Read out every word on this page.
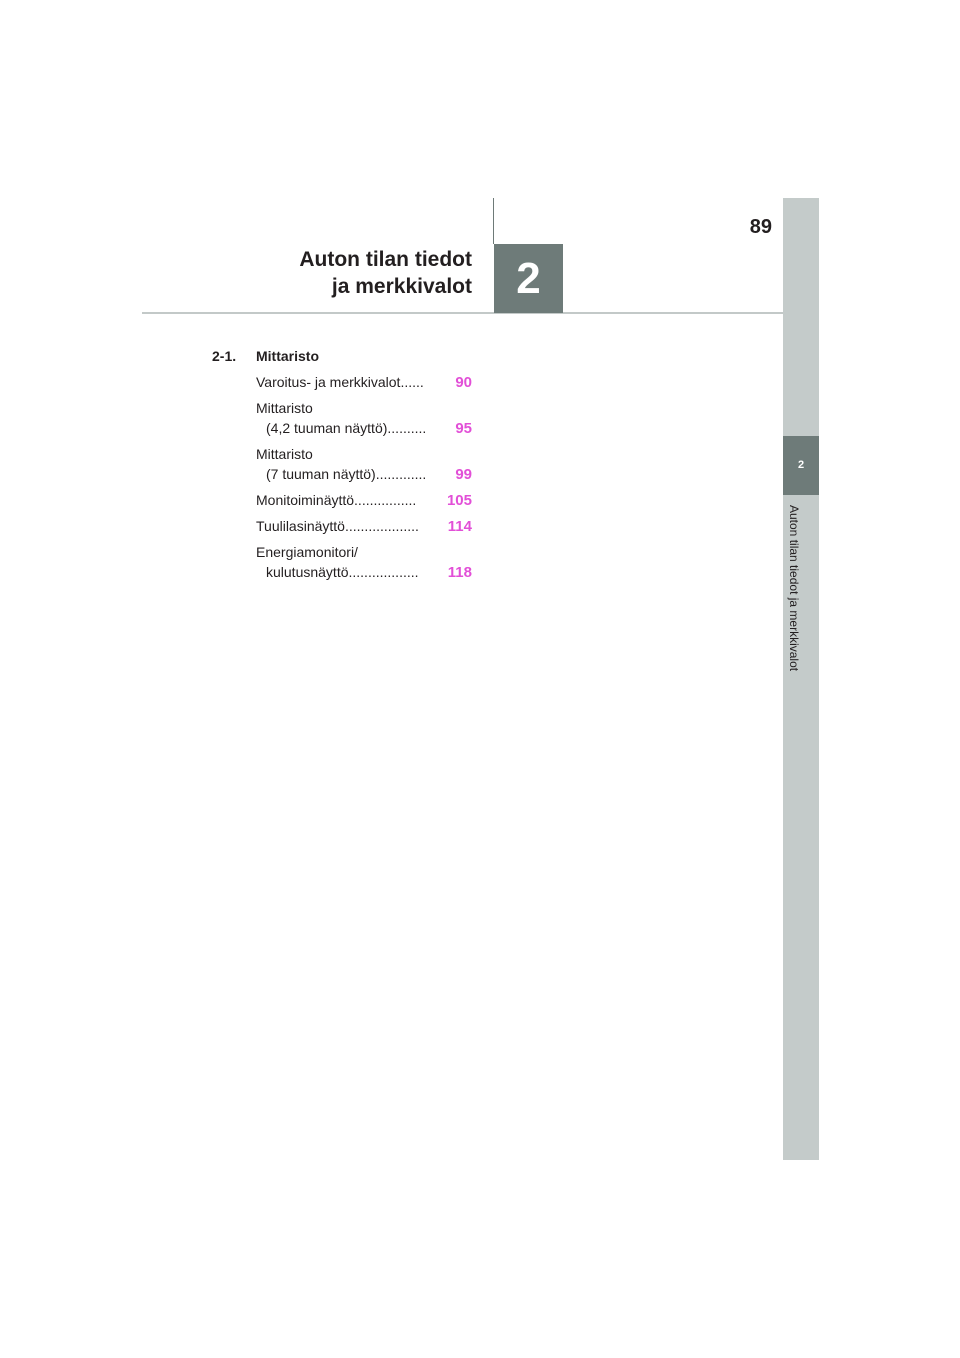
2
Auton tilan tiedot
ja merkkivalot
89
2
Auton tilan tiedot ja merkkivalot
2-1.	Mittaristo
Varoitus- ja merkkivalot ......	90
Mittaristo
(4,2 tuuman näyttö) ..........	95
Mittaristo
(7 tuuman näyttö) .............	99
Monitoiminäyttö ................	105
Tuulilasinäyttö ...................	114
Energiamonitori/
kulutusnäyttö ..................	118
